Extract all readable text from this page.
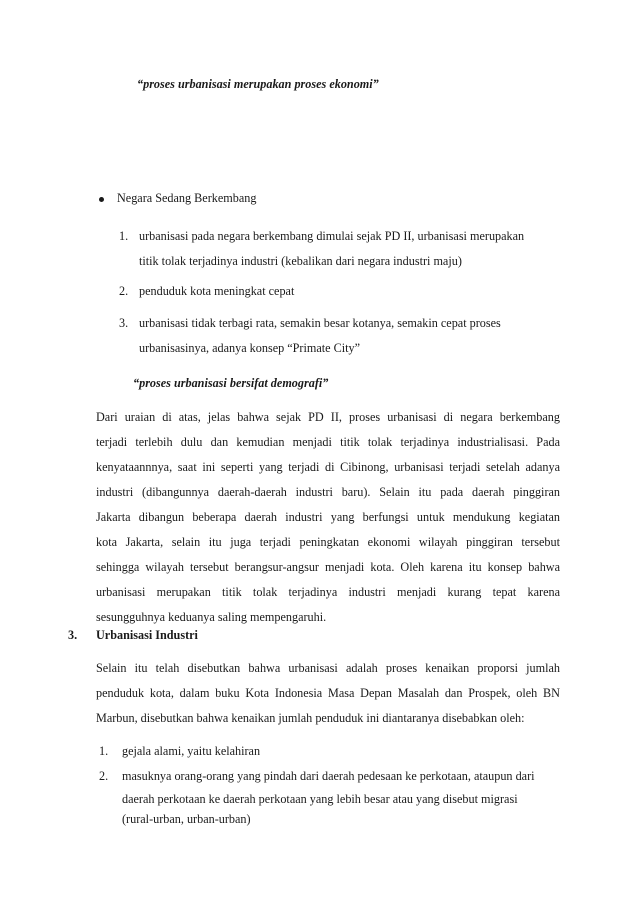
“proses urbanisasi merupakan proses ekonomi”
Negara Sedang Berkembang
1. urbanisasi pada negara berkembang dimulai sejak PD II, urbanisasi merupakan
titik tolak terjadinya industri (kebalikan dari negara industri maju)
2. penduduk kota meningkat cepat
3. urbanisasi tidak terbagi rata, semakin besar kotanya, semakin cepat proses
urbanisasinya, adanya konsep “Primate City”
“proses urbanisasi bersifat demografi”
Dari uraian di atas, jelas bahwa sejak PD II, proses urbanisasi di negara berkembang
terjadi terlebih dulu dan kemudian menjadi titik tolak terjadinya industrialisasi. Pada
kenyataannnya, saat ini seperti yang terjadi di Cibinong, urbanisasi terjadi setelah adanya
industri (dibangunnya daerah-daerah industri baru). Selain itu pada daerah pinggiran
Jakarta dibangun beberapa daerah industri yang berfungsi untuk mendukung kegiatan
kota Jakarta, selain itu juga terjadi peningkatan ekonomi wilayah pinggiran tersebut
sehingga wilayah tersebut berangsur-angsur menjadi kota. Oleh karena itu konsep bahwa
urbanisasi merupakan titik tolak terjadinya industri menjadi kurang tepat karena
sesungguhnya keduanya saling mempengaruhi.
3. Urbanisasi Industri
Selain itu telah disebutkan bahwa urbanisasi adalah proses kenaikan proporsi jumlah
penduduk kota, dalam buku Kota Indonesia Masa Depan Masalah dan Prospek, oleh BN
Marbun, disebutkan bahwa kenaikan jumlah penduduk ini diantaranya disebabkan oleh:
1. gejala alami, yaitu kelahiran
2. masuknya orang-orang yang pindah dari daerah pedesaan ke perkotaan, ataupun dari
daerah perkotaan ke daerah perkotaan yang lebih besar atau yang disebut migrasi
(rural-urban, urban-urban)
